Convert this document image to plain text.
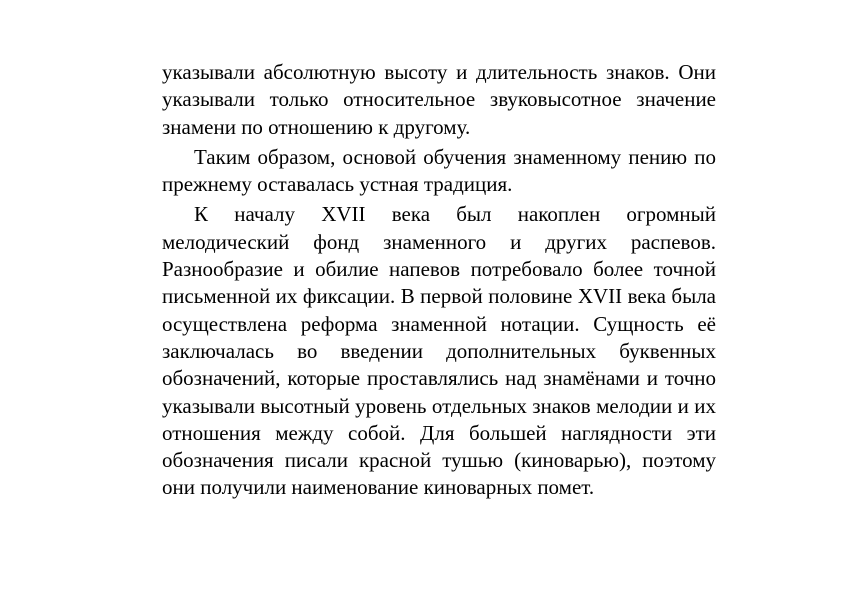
указывали абсолютную высоту и длительность знаков. Они указывали только относительное звуковысотное значение знамени по отношению к другому.

Таким образом, основой обучения знаменному пению по прежнему оставалась устная традиция.

К началу XVII века был накоплен огромный мелодический фонд знаменного и других распевов. Разнообразие и обилие напевов потребовало более точной письменной их фиксации. В первой половине XVII века была осуществлена реформа знаменной нотации. Сущность её заключалась во введении дополнительных буквенных обозначений, которые проставлялись над знамёнами и точно указывали высотный уровень отдельных знаков мелодии и их отношения между собой. Для большей наглядности эти обозначения писали красной тушью (киноварью), поэтому они получили наименование киноварных помет.
